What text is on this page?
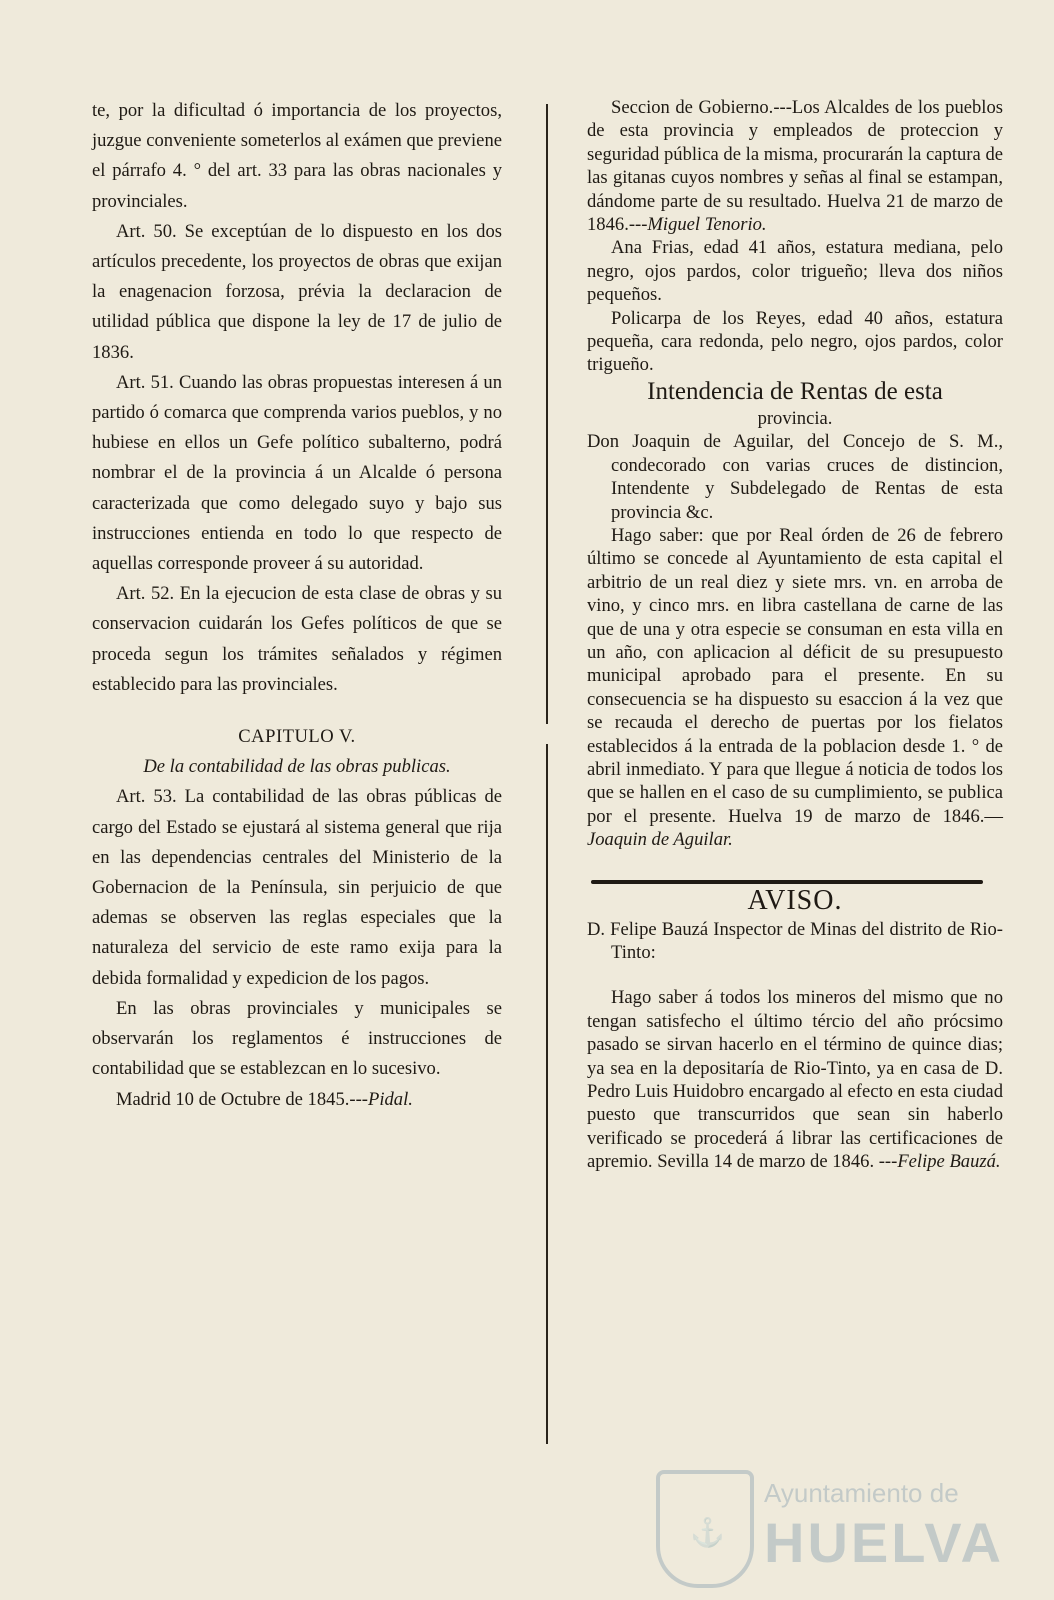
te, por la dificultad ó importancia de los proyectos, juzgue conveniente someterlos al exámen que previene el párrafo 4. ° del art. 33 para las obras nacionales y provinciales.

Art. 50. Se exceptúan de lo dispuesto en los dos artículos precedente, los proyectos de obras que exijan la enagenacion forzosa, prévia la declaracion de utilidad pública que dispone la ley de 17 de julio de 1836.

Art. 51. Cuando las obras propuestas interesen á un partido ó comarca que comprenda varios pueblos, y no hubiese en ellos un Gefe político subalterno, podrá nombrar el de la provincia á un Alcalde ó persona caracterizada que como delegado suyo y bajo sus instrucciones entienda en todo lo que respecto de aquellas corresponde proveer á su autoridad.

Art. 52. En la ejecucion de esta clase de obras y su conservacion cuidarán los Gefes políticos de que se proceda segun los trámites señalados y régimen establecido para las provinciales.

CAPITULO V.

De la contabilidad de las obras publicas.

Art. 53. La contabilidad de las obras públicas de cargo del Estado se ejustará al sistema general que rija en las dependencias centrales del Ministerio de la Gobernacion de la Península, sin perjuicio de que ademas se observen las reglas especiales que la naturaleza del servicio de este ramo exija para la debida formalidad y expedicion de los pagos.

En las obras provinciales y municipales se observarán los reglamentos é instrucciones de contabilidad que se establezcan en lo sucesivo.

Madrid 10 de Octubre de 1845.---Pidal.

Seccion de Gobierno.---Los Alcaldes de los pueblos de esta provincia y empleados de proteccion y seguridad pública de la misma, procurarán la captura de las gitanas cuyos nombres y señas al final se estampan, dándome parte de su resultado. Huelva 21 de marzo de 1846.---Miguel Tenorio.

Ana Frias, edad 41 años, estatura mediana, pelo negro, ojos pardos, color trigueño; lleva dos niños pequeños.

Policarpa de los Reyes, edad 40 años, estatura pequeña, cara redonda, pelo negro, ojos pardos, color trigueño.

Intendencia de Rentas de esta

provincia.

Don Joaquin de Aguilar, del Concejo de S. M., condecorado con varias cruces de distincion, Intendente y Subdelegado de Rentas de esta provincia &c.

Hago saber: que por Real órden de 26 de febrero último se concede al Ayuntamiento de esta capital el arbitrio de un real diez y siete mrs. vn. en arroba de vino, y cinco mrs. en libra castellana de carne de las que de una y otra especie se consuman en esta villa en un año, con aplicacion al déficit de su presupuesto municipal aprobado para el presente. En su consecuencia se ha dispuesto su esaccion á la vez que se recauda el derecho de puertas por los fielatos establecidos á la entrada de la poblacion desde 1. ° de abril inmediato. Y para que llegue á noticia de todos los que se hallen en el caso de su cumplimiento, se publica por el presente. Huelva 19 de marzo de 1846.—Joaquin de Aguilar.

AVISO.

D. Felipe Bauzá Inspector de Minas del distrito de Rio-Tinto:

Hago saber á todos los mineros del mismo que no tengan satisfecho el último tércio del año prócsimo pasado se sirvan hacerlo en el término de quince dias; ya sea en la depositaría de Rio-Tinto, ya en casa de D. Pedro Luis Huidobro encargado al efecto en esta ciudad puesto que transcurridos que sean sin haberlo verificado se procederá á librar las certificaciones de apremio. Sevilla 14 de marzo de 1846. ---Felipe Bauzá.

⚓
Ayuntamiento de
HUELVA
